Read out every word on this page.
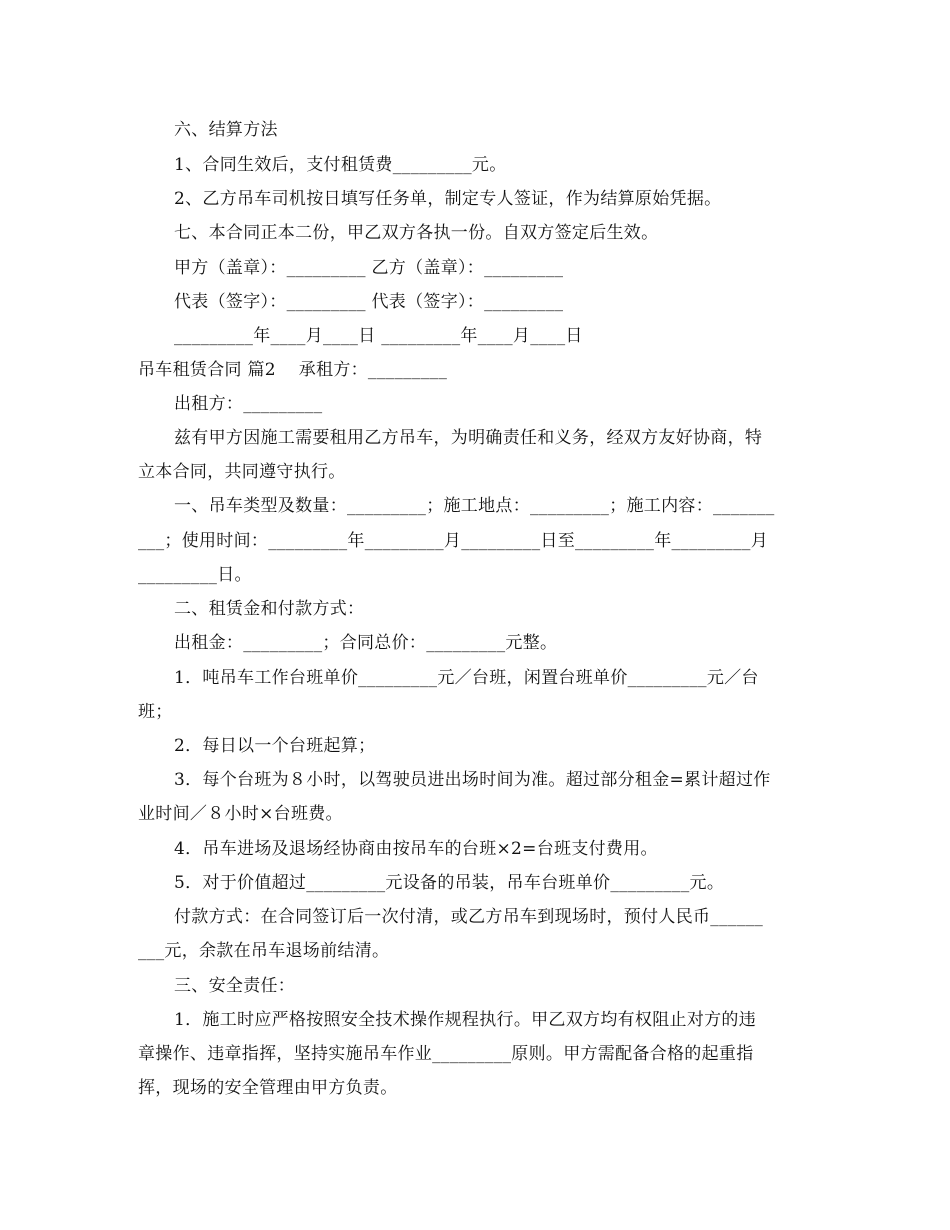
六、结算方法
1、合同生效后，支付租赁费_________元。
2、乙方吊车司机按日填写任务单，制定专人签证，作为结算原始凭据。
七、本合同正本二份，甲乙双方各执一份。自双方签定后生效。
甲方（盖章）：_________ 乙方（盖章）：_________
代表（签字）：_________ 代表（签字）：_________
_________年____月____日 _________年____月____日
吊车租赁合同 篇2    承租方：_________
出租方：_________
兹有甲方因施工需要租用乙方吊车，为明确责任和义务，经双方友好协商，特
立本合同，共同遵守执行。
一、吊车类型及数量：_________；施工地点：_________；施工内容：_______
___；使用时间：_________年_________月_________日至_________年_________月
_________日。
二、租赁金和付款方式：
出租金：_________；合同总价：_________元整。
1．吨吊车工作台班单价_________元／台班，闲置台班单价_________元／台
班；
2．每日以一个台班起算；
3．每个台班为８小时，以驾驶员进出场时间为准。超过部分租金=累计超过作
业时间／８小时×台班费。
4．吊车进场及退场经协商由按吊车的台班×2=台班支付费用。
5．对于价值超过_________元设备的吊装，吊车台班单价_________元。
付款方式：在合同签订后一次付清，或乙方吊车到现场时，预付人民币______
___元，余款在吊车退场前结清。
三、安全责任：
1．施工时应严格按照安全技术操作规程执行。甲乙双方均有权阻止对方的违
章操作、违章指挥，坚持实施吊车作业_________原则。甲方需配备合格的起重指
挥，现场的安全管理由甲方负责。
